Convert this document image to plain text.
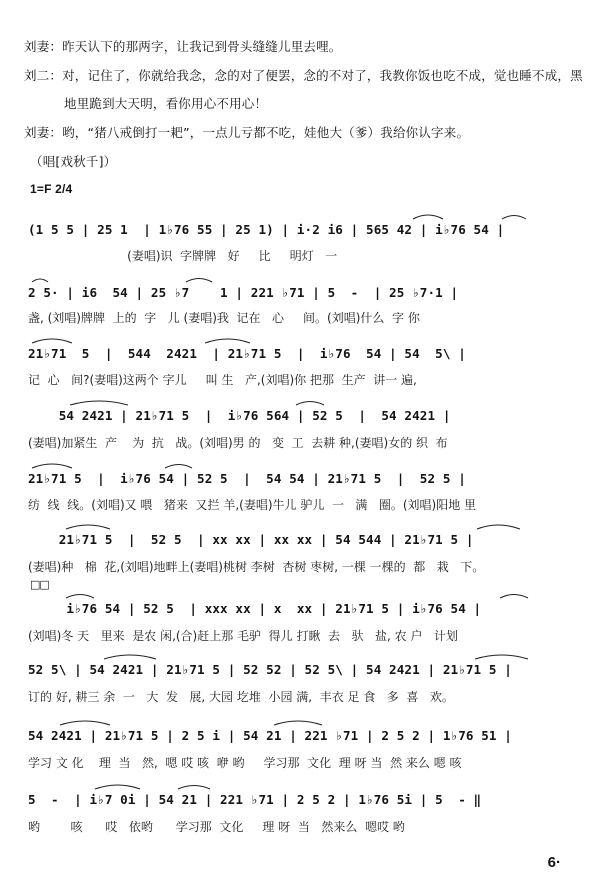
刘妻：昨天认下的那两字，让我记到骨头缝缝儿里去哩。
刘二：对，记住了，你就给我念，念的对了便罢，念的不对了，我教你饭也吃不成，觉也睡不成，黑
地里跪到大天明，看你用心不用心！
刘妻：哟，“猪八戒倒打一耙”，一点儿亏都不吃，娃他大（爹）我给你认字来。
（唱[戏秋千]）
1=F 2/4
(1 5 5 | 25 1  | 1♭76 55 | 25 1) | i·2 i6 | 565 42 | i♭76 54 |
(妻唱)识  字牌牌   好     比     明灯   一
2 5· | i6  54 | 25 ♭7    1 | 221 ♭71 | 5  -  | 25 ♭7·1 |
盏, (刘唱)牌牌  上的  字   儿 (妻唱)我  记在   心     间。(刘唱)什么  字 你
21♭71  5  |  544  2421  | 21♭71 5  |  i♭76  54 | 54  5\ |
记  心   间?(妻唱)这两个 字儿     叫 生   产,(刘唱)你 把那  生产  讲一 遍,
54 2421 | 21♭71 5  |  i♭76 564 | 52 5  |  54 2421 |
(妻唱)加紧生  产    为  抗   战。(刘唱)男 的   变  工  去耕 种,(妻唱)女的 织  布
21♭71 5  |  i♭76 54 | 52 5  |  54 54 | 21♭71 5  |  52 5 |
纺  线  线。(刘唱)又 喂   猪来  又拦 羊,(妻唱)牛儿 驴儿  一   满   圈。(刘唱)阳地 里
21♭71 5  |  52 5  | xx xx | xx xx | 54 544 | 21♭71 5 |
(妻唱)种   棉  花,(刘唱)地畔上(妻唱)桃树 李树  杏树 枣树, 一棵 一棵的  都   栽   下。
□□
i♭76 54 | 52 5  | xxx xx | x  xx | 21♭71 5 | i♭76 54 |
(刘唱)冬 天   里来  是农 闲,(合)赶上那 毛驴  得儿 打瞅  去   驮   盐, 农 户   计划
52 5\ | 54 2421 | 21♭71 5 | 52 52 | 52 5\ | 54 2421 | 21♭71 5 |
订的 好, 耕三 余  一   大  发   展, 大园 圪堆  小园 满,  丰衣 足 食   多  喜   欢。
54 2421 | 21♭71 5 | 2 5 i | 54 21 | 221 ♭71 | 2 5 2 | 1♭76 51 |
学习 文 化    理  当   然,  嗯 哎 咳  咿 哟     学习那  文化  理 呀 当  然 来么 嗯 咳
5  -  | i♭7 0i | 54 21 | 221 ♭71 | 2 5 2 | 1♭76 5i | 5  - ‖
哟        咳      哎   依哟      学习那  文化     理 呀  当   然来么  嗯哎 哟
6·
